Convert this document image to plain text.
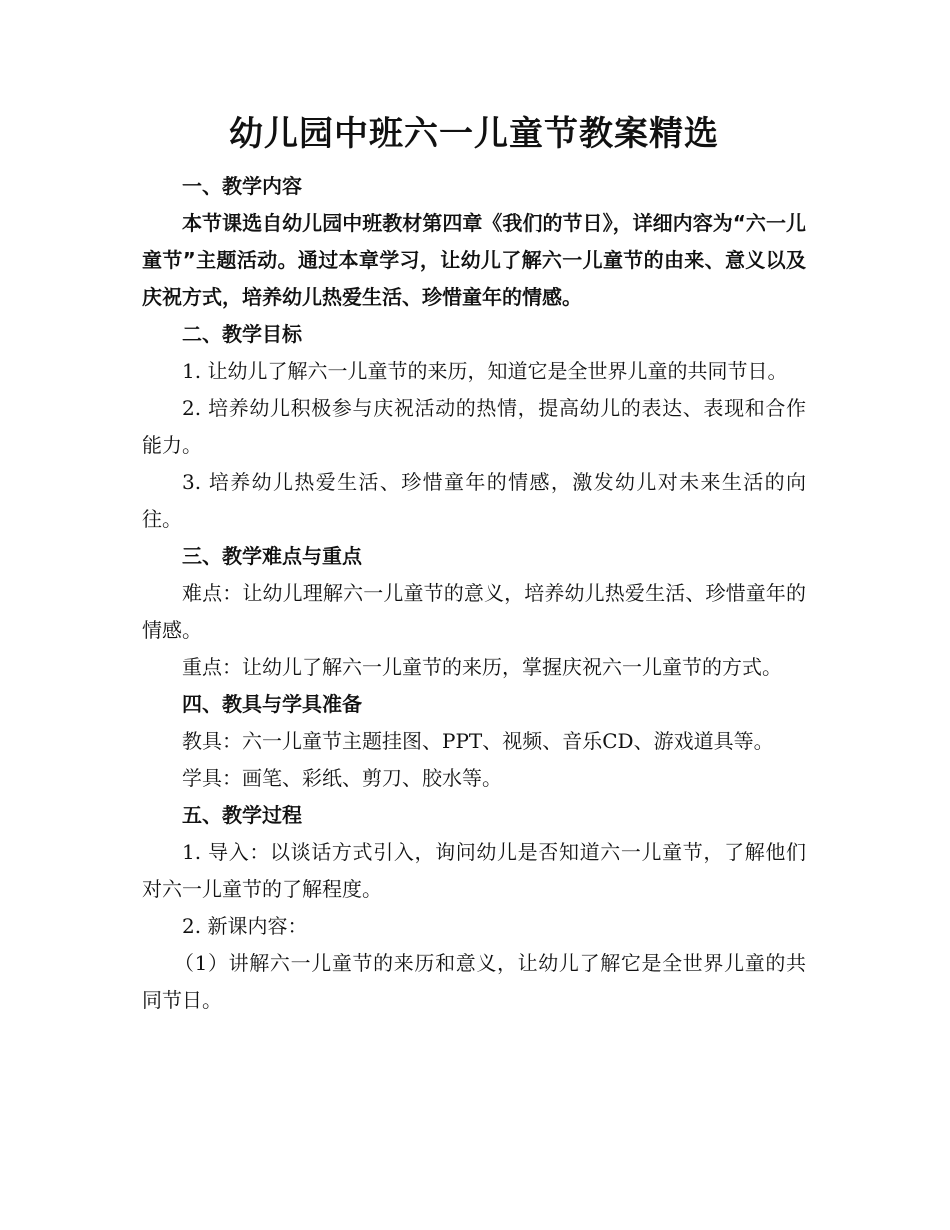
幼儿园中班六一儿童节教案精选

一、教学内容

本节课选自幼儿园中班教材第四章《我们的节日》，详细内容为“六一儿童节”主题活动。通过本章学习，让幼儿了解六一儿童节的由来、意义以及庆祝方式，培养幼儿热爱生活、珍惜童年的情感。

二、教学目标

1. 让幼儿了解六一儿童节的来历，知道它是全世界儿童的共同节日。

2. 培养幼儿积极参与庆祝活动的热情，提高幼儿的表达、表现和合作能力。

3. 培养幼儿热爱生活、珍惜童年的情感，激发幼儿对未来生活的向往。

三、教学难点与重点

难点：让幼儿理解六一儿童节的意义，培养幼儿热爱生活、珍惜童年的情感。

重点：让幼儿了解六一儿童节的来历，掌握庆祝六一儿童节的方式。

四、教具与学具准备

教具：六一儿童节主题挂图、PPT、视频、音乐CD、游戏道具等。

学具：画笔、彩纸、剪刀、胶水等。

五、教学过程

1. 导入：以谈话方式引入，询问幼儿是否知道六一儿童节，了解他们对六一儿童节的了解程度。

2. 新课内容：

（1）讲解六一儿童节的来历和意义，让幼儿了解它是全世界儿童的共同节日。
